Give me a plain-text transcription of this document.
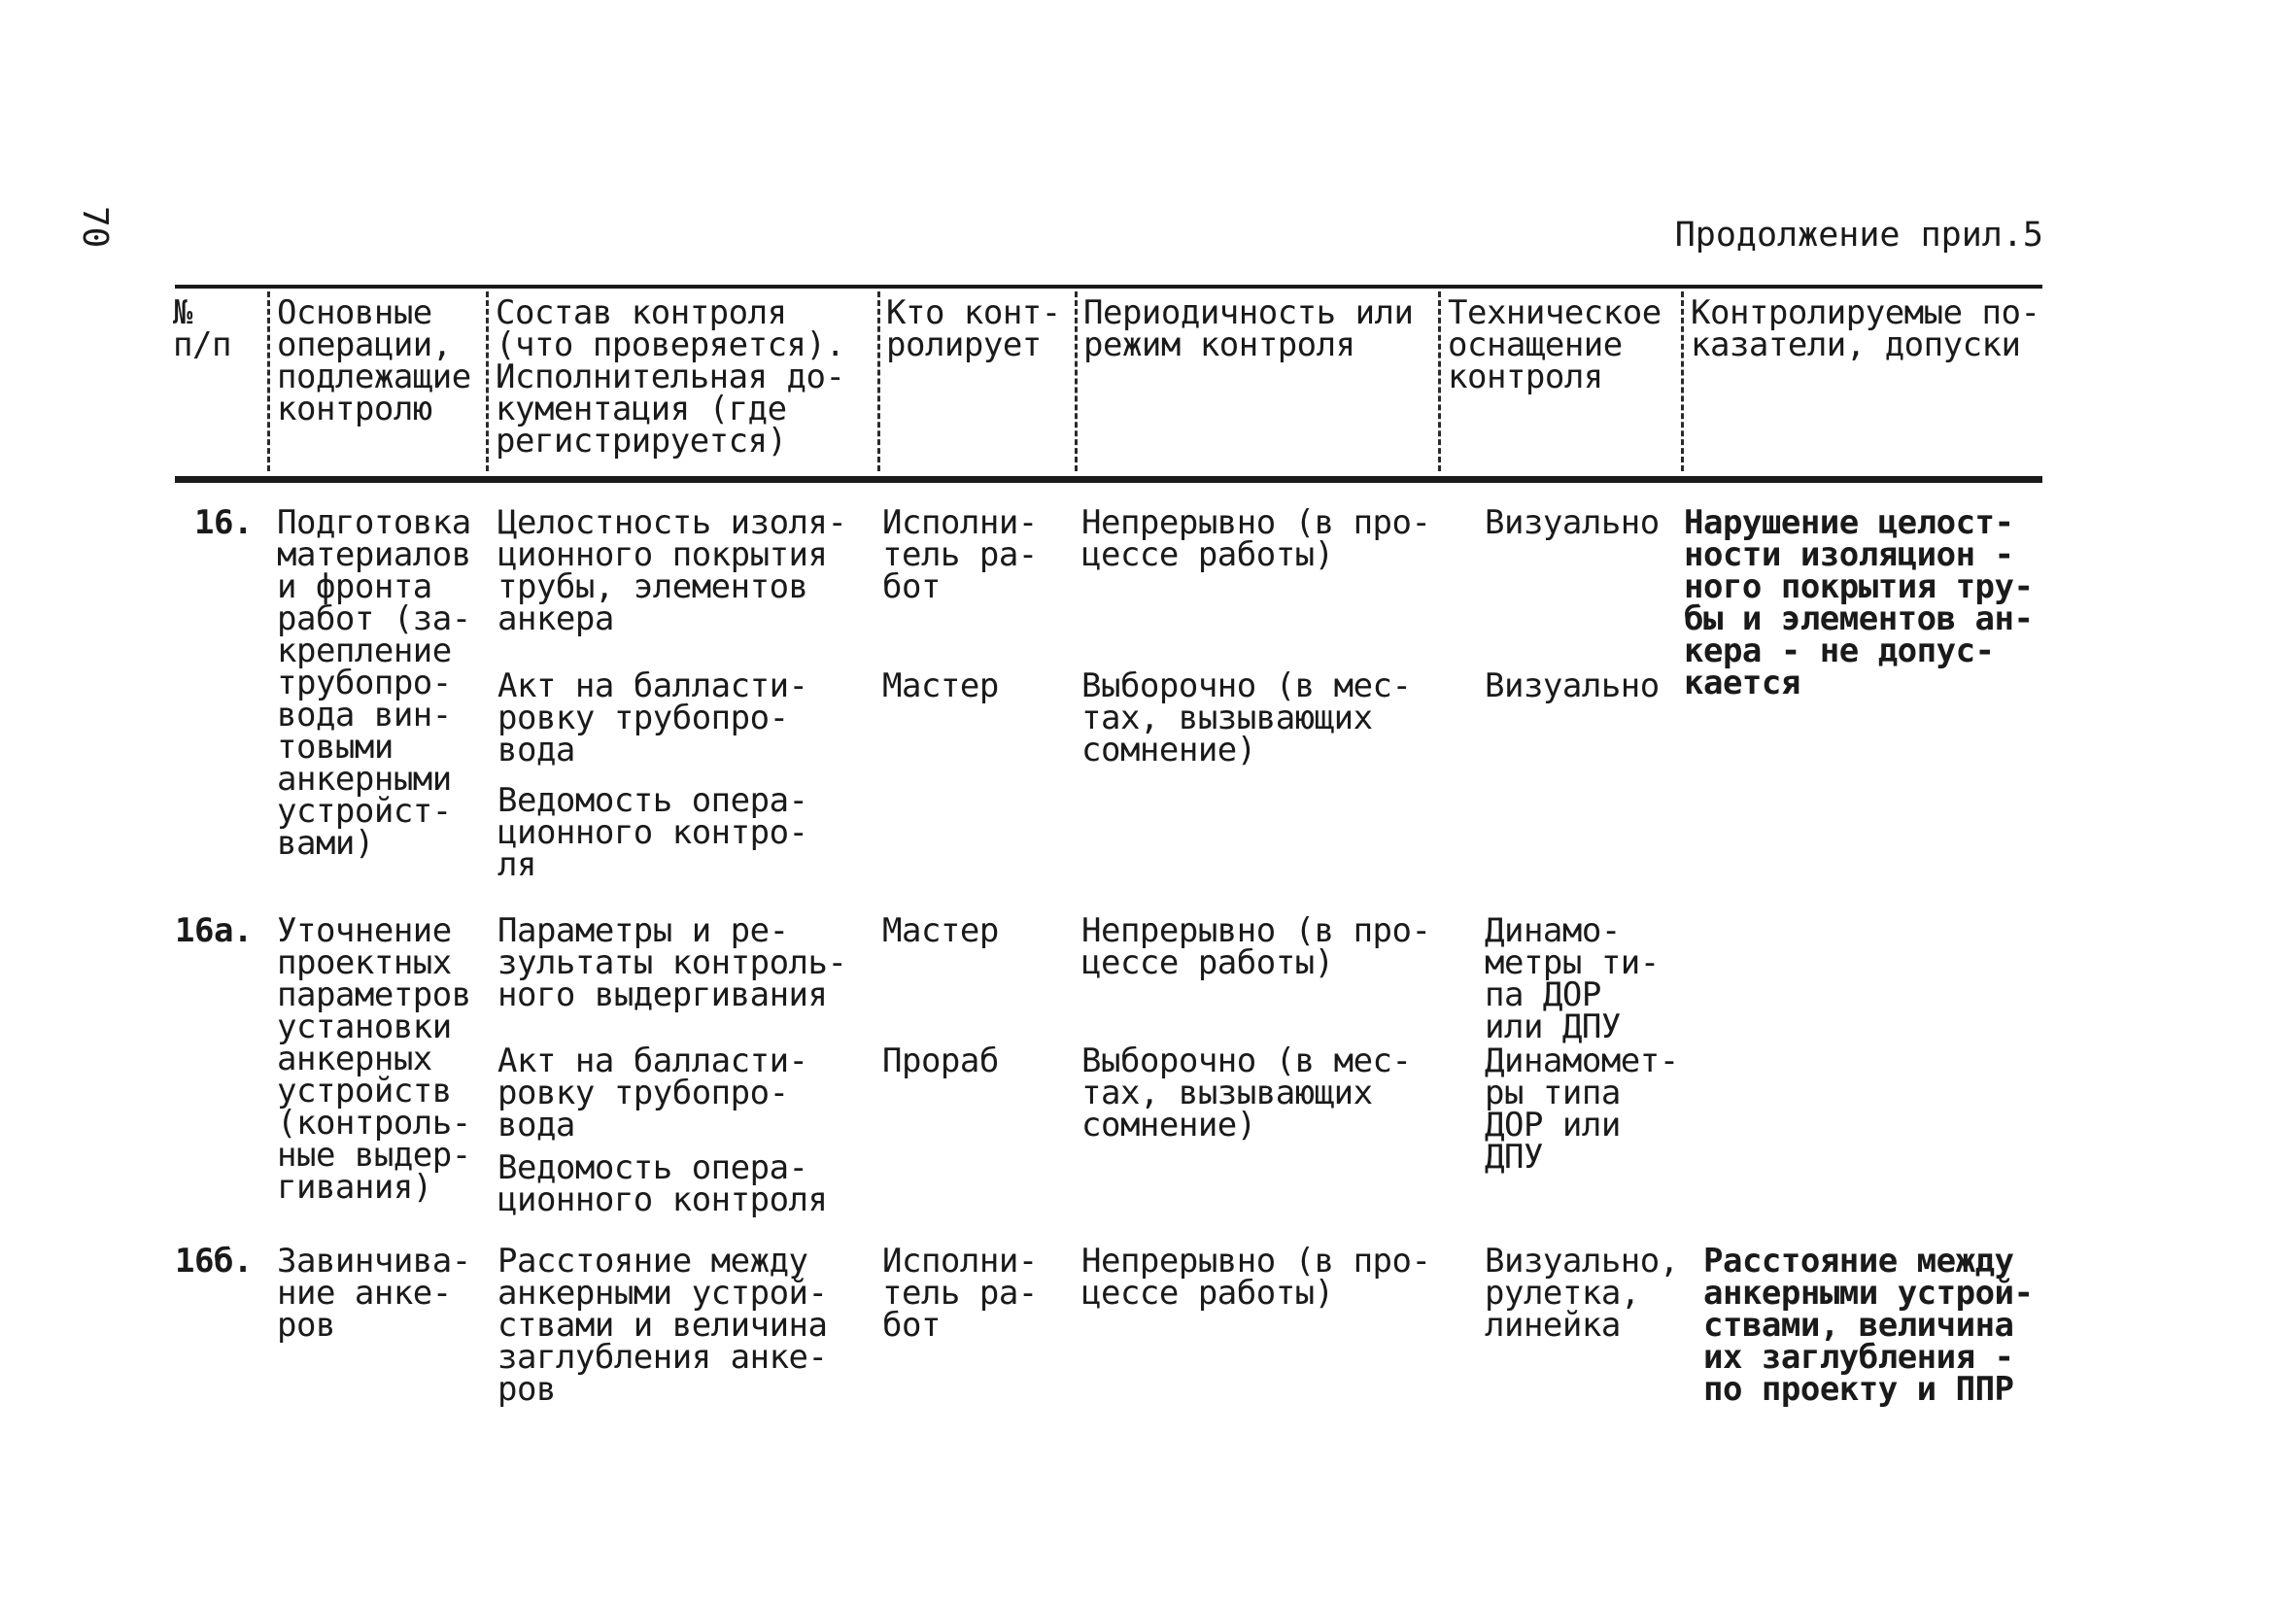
70	Продолжение прил.5
№
п/п
Основные
операции,
подлежащие
контролю
Состав контроля
(что проверяется).
Исполнительная до-
кументация (где
регистрируется)
Кто конт-
ролирует
Периодичность или
режим контроля
Техническое
оснащение
контроля
Контролируемые по-
казатели, допуски
16. Подготовка
материалов
и фронта
работ (за-
крепление
трубопро-
вода вин-
товыми
анкерными
устройст-
вами)
Целостность изоля-
ционного покрытия
трубы, элементов
анкера
Акт на балласти-
ровку трубопро-
вода
Ведомость опера-
ционного контро-
ля
Исполни-
тель ра-
бот
Мастер
Непрерывно (в про-
цессе работы)
Выборочно (в мес-
тах, вызывающих
сомнение)
Визуально
Визуально
Нарушение целост-
ности изоляцион -
ного покрытия тру-
бы и элементов ан-
кера - не допус-
кается
16а. Уточнение
проектных
параметров
установки
анкерных
устройств
(контроль-
ные выдер-
гивания)
Параметры и ре-
зультаты контроль-
ного выдергивания
Акт на балласти-
ровку трубопро-
вода
Ведомость опера-
ционного контроля
Мастер
Прораб
Непрерывно (в про-
цессе работы)
Выборочно (в мес-
тах, вызывающих
сомнение)
Динамо-
метры ти-
па ДОР
или ДПУ
Динамомет-
ры типа
ДОР или
ДПУ
16б. Завинчива-
ние анке-
ров
Расстояние между
анкерными устрой-
ствами и величина
заглубления анке-
ров
Исполни-
тель ра-
бот
Непрерывно (в про-
цессе работы)
Визуально,
рулетка,
линейка
Расстояние между
анкерными устрой-
ствами, величина
их заглубления -
по проекту и ППР
